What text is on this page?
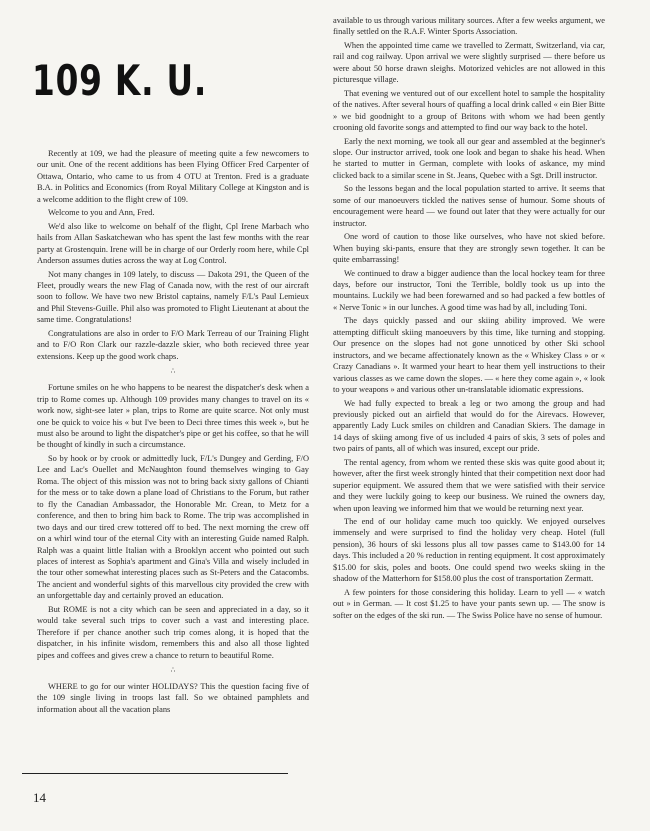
109 K. U.

Recently at 109, we had the pleasure of meeting quite a few newcomers to our unit. One of the recent additions has been Flying Officer Fred Carpenter of Ottawa, Ontario, who came to us from 4 OTU at Trenton. Fred is a graduate B.A. in Politics and Economics (from Royal Military College at Kingston and is a welcome addition to the flight crew of 109.

Welcome to you and Ann, Fred.

We'd also like to welcome on behalf of the flight, Cpl Irene Marbach who hails from Allan Saskatchewan who has spent the last few months with the rear party at Grostenquin. Irene will be in charge of our Orderly room here, while Cpl Anderson assumes duties across the way at Log Control.

Not many changes in 109 lately, to discuss — Dakota 291, the Queen of the Fleet, proudly wears the new Flag of Canada now, with the rest of our aircraft soon to follow. We have two new Bristol captains, namely F/L's Paul Lemieux and Phil Stevens-Guille. Phil also was promoted to Flight Lieutenant at about the same time. Congratulations!

Congratulations are also in order to F/O Mark Terreau of our Training Flight and to F/O Ron Clark our razzle-dazzle skier, who both recieved three year extensions. Keep up the good work chaps.

∴

Fortune smiles on he who happens to be nearest the dispatcher's desk when a trip to Rome comes up. Although 109 provides many changes to travel on its « work now, sight-see later » plan, trips to Rome are quite scarce. Not only must one be quick to voice his « but I've been to Deci three times this week », but he must also be around to light the dispatcher's pipe or get his coffee, so that he will be thought of kindly in such a circumstance.

So by hook or by crook or admittedly luck, F/L's Dungey and Gerding, F/O Lee and Lac's Ouellet and McNaughton found themselves winging to Gay Roma. The object of this mission was not to bring back sixty gallons of Chianti for the mess or to take down a plane load of Christians to the Forum, but rather to fly the Canadian Ambassador, the Honorable Mr. Crean, to Metz for a conference, and then to bring him back to Rome. The trip was accomplished in two days and our tired crew tottered off to bed. The next morning the crew off on a whirl wind tour of the eternal City with an interesting Guide named Ralph. Ralph was a quaint little Italian with a Brooklyn accent who pointed out such places of interest as Sophia's apartment and Gina's Villa and wisely included in the tour other somewhat interesting places such as St-Peters and the Catacombs. The ancient and wonderful sights of this marvellous city provided the crew with an unforgettable day and certainly proved an education.

But ROME is not a city which can be seen and appreciated in a day, so it would take several such trips to cover such a vast and interesting place. Therefore if per chance another such trip comes along, it is hoped that the dispatcher, in his infinite wisdom, remembers this and also all those lighted pipes and coffees and gives crew a chance to return to beautiful Rome.

∴

WHERE to go for our winter HOLIDAYS? This the question facing five of the 109 single living in troops last fall. So we obtained pamphlets and information about all the vacation plans

available to us through various military sources. After a few weeks argument, we finally settled on the R.A.F. Winter Sports Association.

When the appointed time came we travelled to Zermatt, Switzerland, via car, rail and cog railway. Upon arrival we were slightly surprised — there before us were about 50 horse drawn sleighs. Motorized vehicles are not allowed in this picturesque village.

That evening we ventured out of our excellent hotel to sample the hospitality of the natives. After several hours of quaffing a local drink called « ein Bier Bitte » we bid goodnight to a group of Britons with whom we had been gently crooning old favorite songs and attempted to find our way back to the hotel.

Early the next morning, we took all our gear and assembled at the beginner's slope. Our instructor arrived, took one look and began to shake his head. When he started to mutter in German, complete with looks of askance, my mind clicked back to a similar scene in St. Jeans, Quebec with a Sgt. Drill instructor.

So the lessons began and the local population started to arrive. It seems that some of our manoeuvers tickled the natives sense of humour. Some shouts of encouragement were heard — we found out later that they were actually for our instructor.

One word of caution to those like ourselves, who have not skied before. When buying ski-pants, ensure that they are strongly sewn together. It can be quite embarrassing!

We continued to draw a bigger audience than the local hockey team for three days, before our instructor, Toni the Terrible, boldly took us up into the mountains. Luckily we had been forewarned and so had packed a few bottles of « Nerve Tonic » in our lunches. A good time was had by all, including Toni.

The days quickly passed and our skiing ability improved. We were attempting difficult skiing manoeuvers by this time, like turning and stopping. Our presence on the slopes had not gone unnoticed by other Ski school instructors, and we became affectionately known as the « Whiskey Class » or « Crazy Canadians ». It warmed your heart to hear them yell instructions to their various classes as we came down the slopes. — « here they come again », « look to your weapons » and various other un-translatable idiomatic expressions.

We had fully expected to break a leg or two among the group and had previously picked out an airfield that would do for the Airevacs. However, apparently Lady Luck smiles on children and Canadian Skiers. The damage in 14 days of skiing among five of us included 4 pairs of skis, 3 sets of poles and two pairs of pants, all of which was insured, except our pride.

The rental agency, from whom we rented these skis was quite good about it; however, after the first week strongly hinted that their competition next door had superior equipment. We assured them that we were satisfied with their service and they were luckily going to keep our business. We ruined the owners day, when upon leaving we informed him that we would be returning next year.

The end of our holiday came much too quickly. We enjoyed ourselves immensely and were surprised to find the holiday very cheap. Hotel (full pension), 36 hours of ski lessons plus all tow passes came to $143.00 for 14 days. This included a 20 % reduction in renting equipment. It cost approximately $15.00 for skis, poles and boots. One could spend two weeks skiing in the shadow of the Matterhorn for $158.00 plus the cost of transportation Zermatt.

A few pointers for those considering this holiday. Learn to yell — « watch out » in German. — It cost $1.25 to have your pants sewn up. — The snow is softer on the edges of the ski run. — The Swiss Police have no sense of humour.

14
